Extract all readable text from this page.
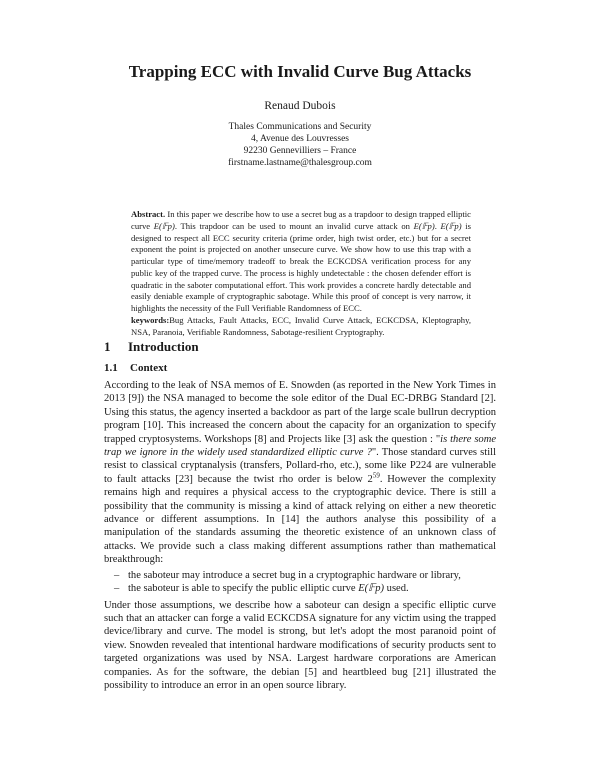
Trapping ECC with Invalid Curve Bug Attacks
Renaud Dubois
Thales Communications and Security
4, Avenue des Louvresses
92230 Gennevilliers – France
firstname.lastname@thalesgroup.com
Abstract. In this paper we describe how to use a secret bug as a trapdoor to design trapped elliptic curve E(𝔽p). This trapdoor can be used to mount an invalid curve attack on E(𝔽p). E(𝔽p) is designed to respect all ECC security criteria (prime order, high twist order, etc.) but for a secret exponent the point is projected on another unsecure curve. We show how to use this trap with a particular type of time/memory tradeoff to break the ECKCDSA verification process for any public key of the trapped curve. The process is highly undetectable : the chosen defender effort is quadratic in the saboter computational effort. This work provides a concrete hardly detectable and easily deniable example of cryptographic sabotage. While this proof of concept is very narrow, it highlights the necessity of the Full Verifiable Randomness of ECC.
keywords:Bug Attacks, Fault Attacks, ECC, Invalid Curve Attack, ECKCDSA, Kleptography, NSA, Paranoia, Verifiable Randomness, Sabotage-resilient Cryptography.
1 Introduction
1.1 Context

According to the leak of NSA memos of E. Snowden (as reported in the New York Times in 2013 [9]) the NSA managed to become the sole editor of the Dual EC-DRBG Standard [2]. Using this status, the agency inserted a backdoor as part of the large scale bullrun decryption program [10]. This increased the concern about the capacity for an organization to specify trapped cryptosystems. Workshops [8] and Projects like [3] ask the question : "is there some trap we ignore in the widely used standardized elliptic curve ?". Those standard curves still resist to classical cryptanalysis (transfers, Pollard-rho, etc.), some like P224 are vulnerable to fault attacks [23] because the twist rho order is below $2^{59}$. However the complexity remains high and requires a physical access to the cryptographic device. There is still a possibility that the community is missing a kind of attack relying on either a new theoretic advance or different assumptions. In [14] the authors analyse this possibility of a manipulation of the standards assuming the theoretic existence of an unknown class of attacks. We provide such a class making different assumptions rather than mathematical breakthrough:

– the saboteur may introduce a secret bug in a cryptographic hardware or library,
– the saboteur is able to specify the public elliptic curve E(𝔽p) used.

Under those assumptions, we describe how a saboteur can design a specific elliptic curve such that an attacker can forge a valid ECKCDSA signature for any victim using the trapped device/library and curve. The model is strong, but let's adopt the most paranoid point of view. Snowden revealed that intentional hardware modifications of security products sent to targeted organizations was used by NSA. Largest hardware corporations are American companies. As for the software, the debian [5] and heartbleed bug [21] illustrated the possibility to introduce an error in an open source library.
